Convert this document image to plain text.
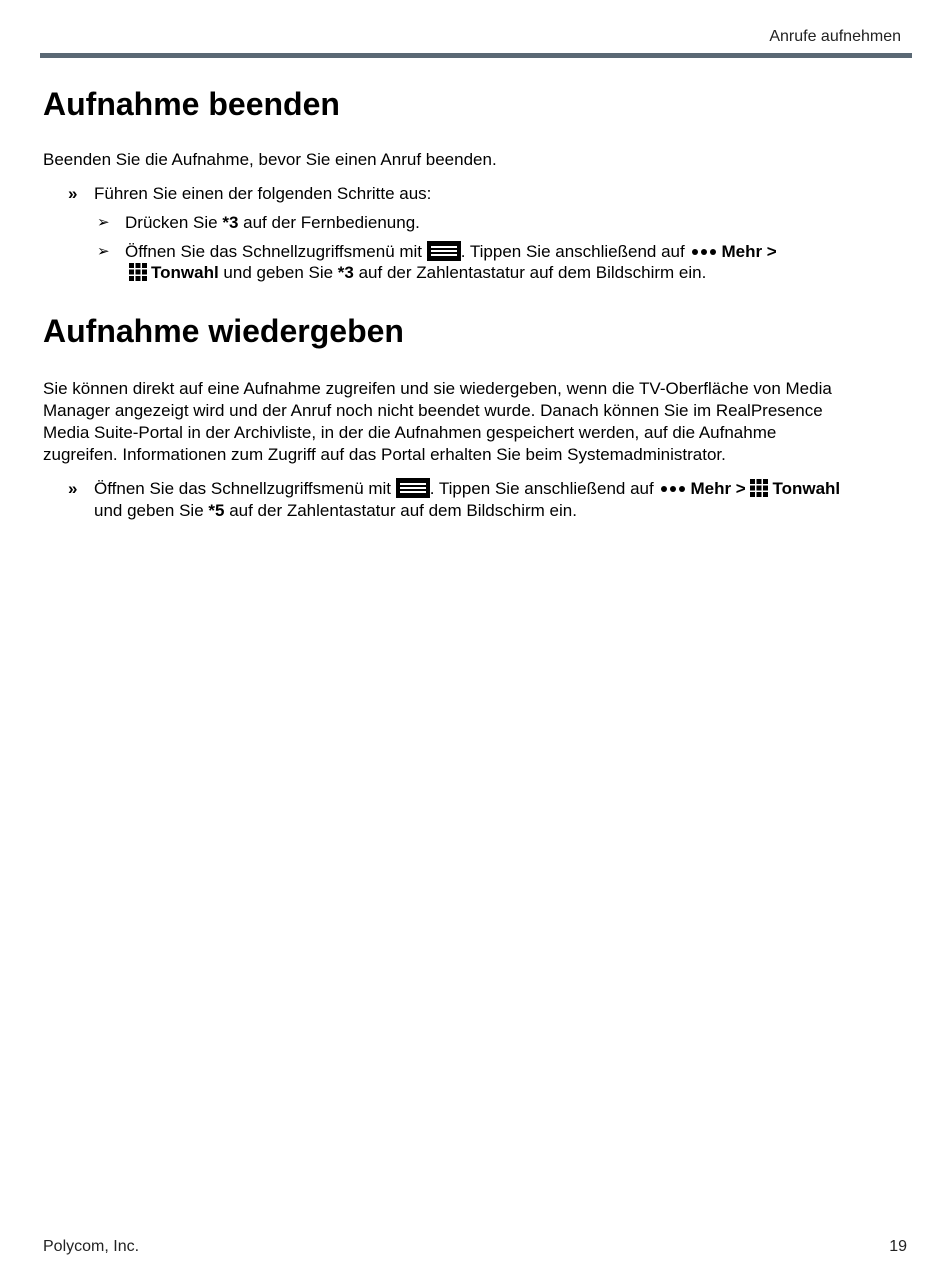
Anrufe aufnehmen
Aufnahme beenden

Beenden Sie die Aufnahme, bevor Sie einen Anruf beenden.

» Führen Sie einen der folgenden Schritte aus:

➢ Drücken Sie *3 auf der Fernbedienung.

➢ Öffnen Sie das Schnellzugriffsmenü mit . Tippen Sie anschließend auf Mehr >

Tonwahl und geben Sie *3 auf der Zahlentastatur auf dem Bildschirm ein.

Aufnahme wiedergeben
Sie können direkt auf eine Aufnahme zugreifen und sie wiedergeben, wenn die TV-Oberfläche von Media
Manager angezeigt wird und der Anruf noch nicht beendet wurde. Danach können Sie im RealPresence
Media Suite-Portal in der Archivliste, in der die Aufnahmen gespeichert werden, auf die Aufnahme
zugreifen. Informationen zum Zugriff auf das Portal erhalten Sie beim Systemadministrator.
» Öffnen Sie das Schnellzugriffsmenü mit . Tippen Sie anschließend auf Mehr > Tonwahl

und geben Sie *5 auf der Zahlentastatur auf dem Bildschirm ein.

Polycom, Inc.	19
